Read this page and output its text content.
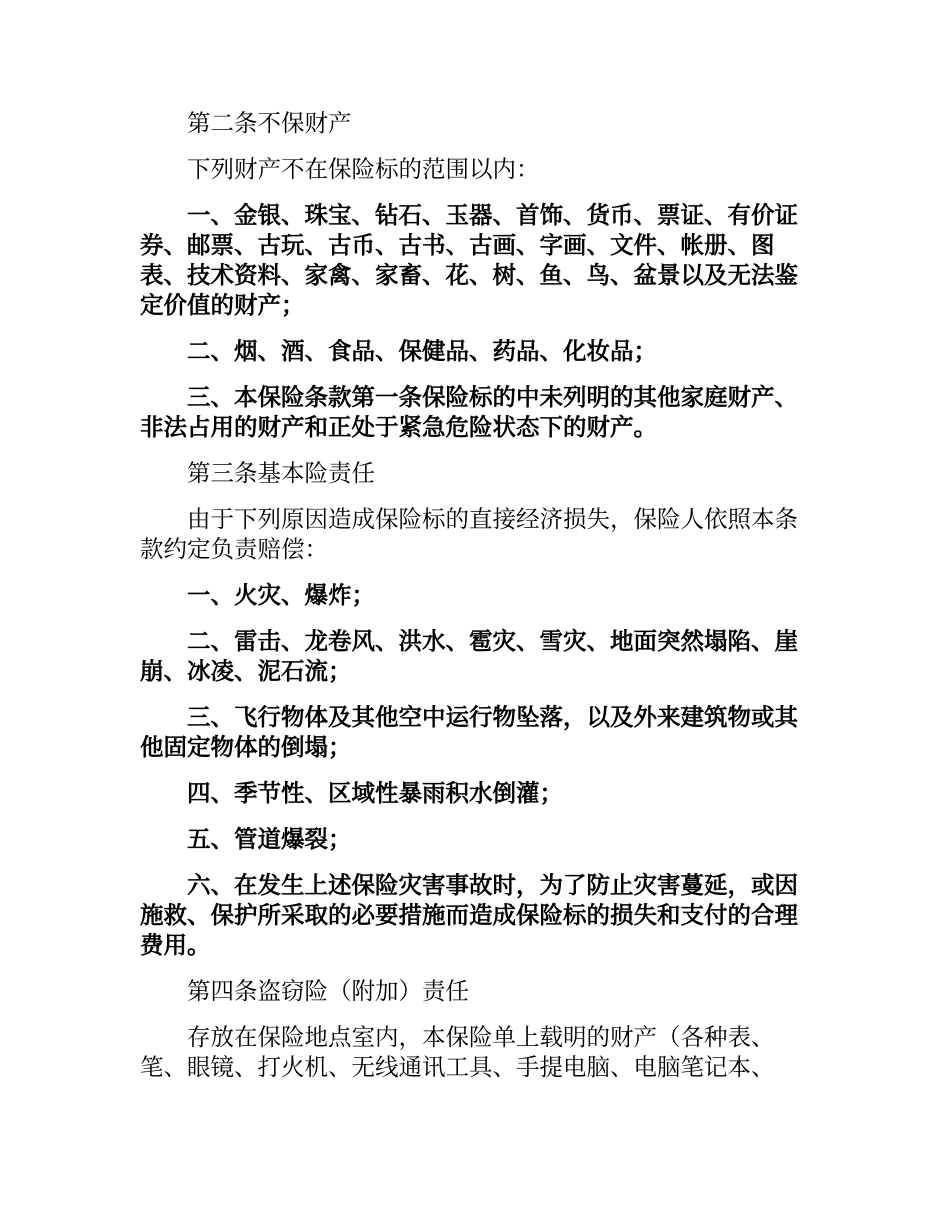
第二条不保财产

下列财产不在保险标的范围以内：

一、金银、珠宝、钻石、玉器、首饰、货币、票证、有价证券、邮票、古玩、古币、古书、古画、字画、文件、帐册、图表、技术资料、家禽、家畜、花、树、鱼、鸟、盆景以及无法鉴定价值的财产；

二、烟、酒、食品、保健品、药品、化妆品；

三、本保险条款第一条保险标的中未列明的其他家庭财产、非法占用的财产和正处于紧急危险状态下的财产。

第三条基本险责任

由于下列原因造成保险标的直接经济损失，保险人依照本条款约定负责赔偿：

一、火灾、爆炸；

二、雷击、龙卷风、洪水、雹灾、雪灾、地面突然塌陷、崖崩、冰凌、泥石流；

三、飞行物体及其他空中运行物坠落，以及外来建筑物或其他固定物体的倒塌；

四、季节性、区域性暴雨积水倒灌；

五、管道爆裂；

六、在发生上述保险灾害事故时，为了防止灾害蔓延，或因施救、保护所采取的必要措施而造成保险标的损失和支付的合理费用。

第四条盗窃险（附加）责任

存放在保险地点室内，本保险单上载明的财产（各种表、笔、眼镜、打火机、无线通讯工具、手提电脑、电脑笔记本、
